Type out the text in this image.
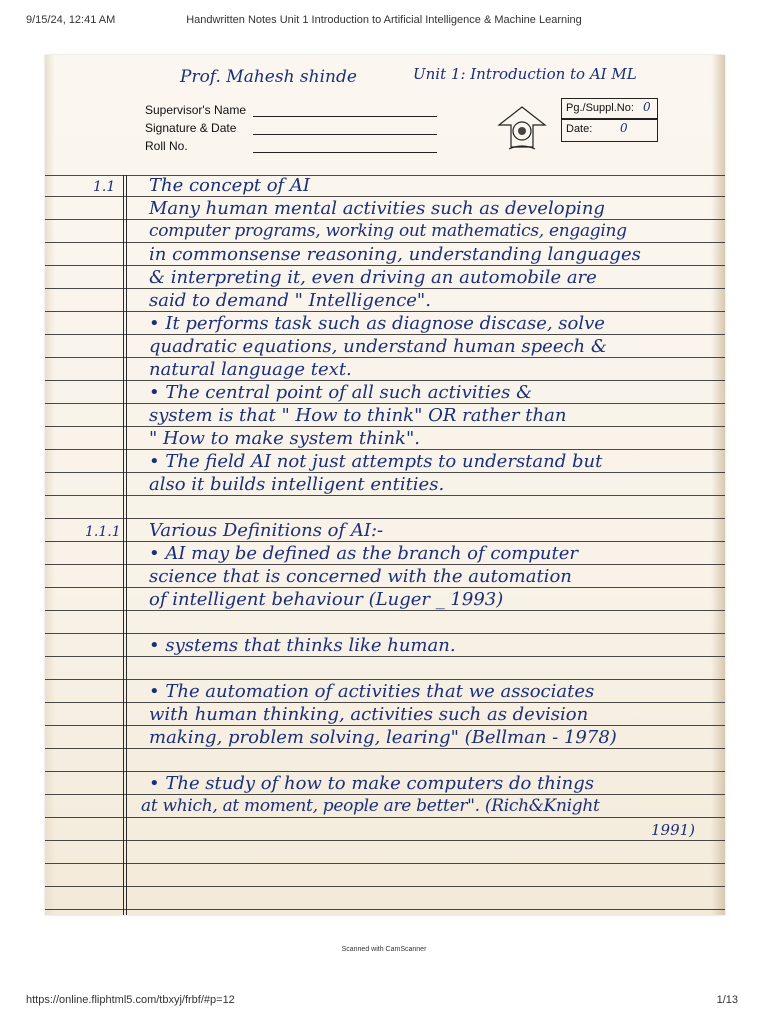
9/15/24, 12:41 AM	Handwritten Notes Unit 1 Introduction to Artificial Intelligence & Machine Learning
Prof. Mahesh shinde	Unit 1: Introduction to AI ML
Supervisor's Name
Signature & Date
Roll No.
Pg./Suppl.No: 0
Date: 0
1.1 The concept of AI
Many human mental activities such as developing
computer programs, working out mathematics, engaging
in commonsense reasoning, understanding languages
& interpreting it, even driving an automobile are
said to demand " Intelligence".
• It performs task such as diagnose discase, solve
quadratic equations, understand human speech &
natural language text.
• The central point of all such activities &
system is that " How to think" OR rather than
" How to make system think".
• The field AI not just attempts to understand but
also it builds intelligent entities.
1.1.1 Various Definitions of AI:-
• AI may be defined as the branch of computer
science that is concerned with the automation
of intelligent behaviour (Luger _ 1993)
• systems that thinks like human.
• The automation of activities that we associates
with human thinking, activities such as devision
making, problem solving, learing" (Bellman - 1978)
• The study of how to make computers do things
at which, at moment, people are better". (Rich&Knight
1991)
Scanned with CamScanner
https://online.fliphtml5.com/tbxyj/frbf/#p=12	1/13
